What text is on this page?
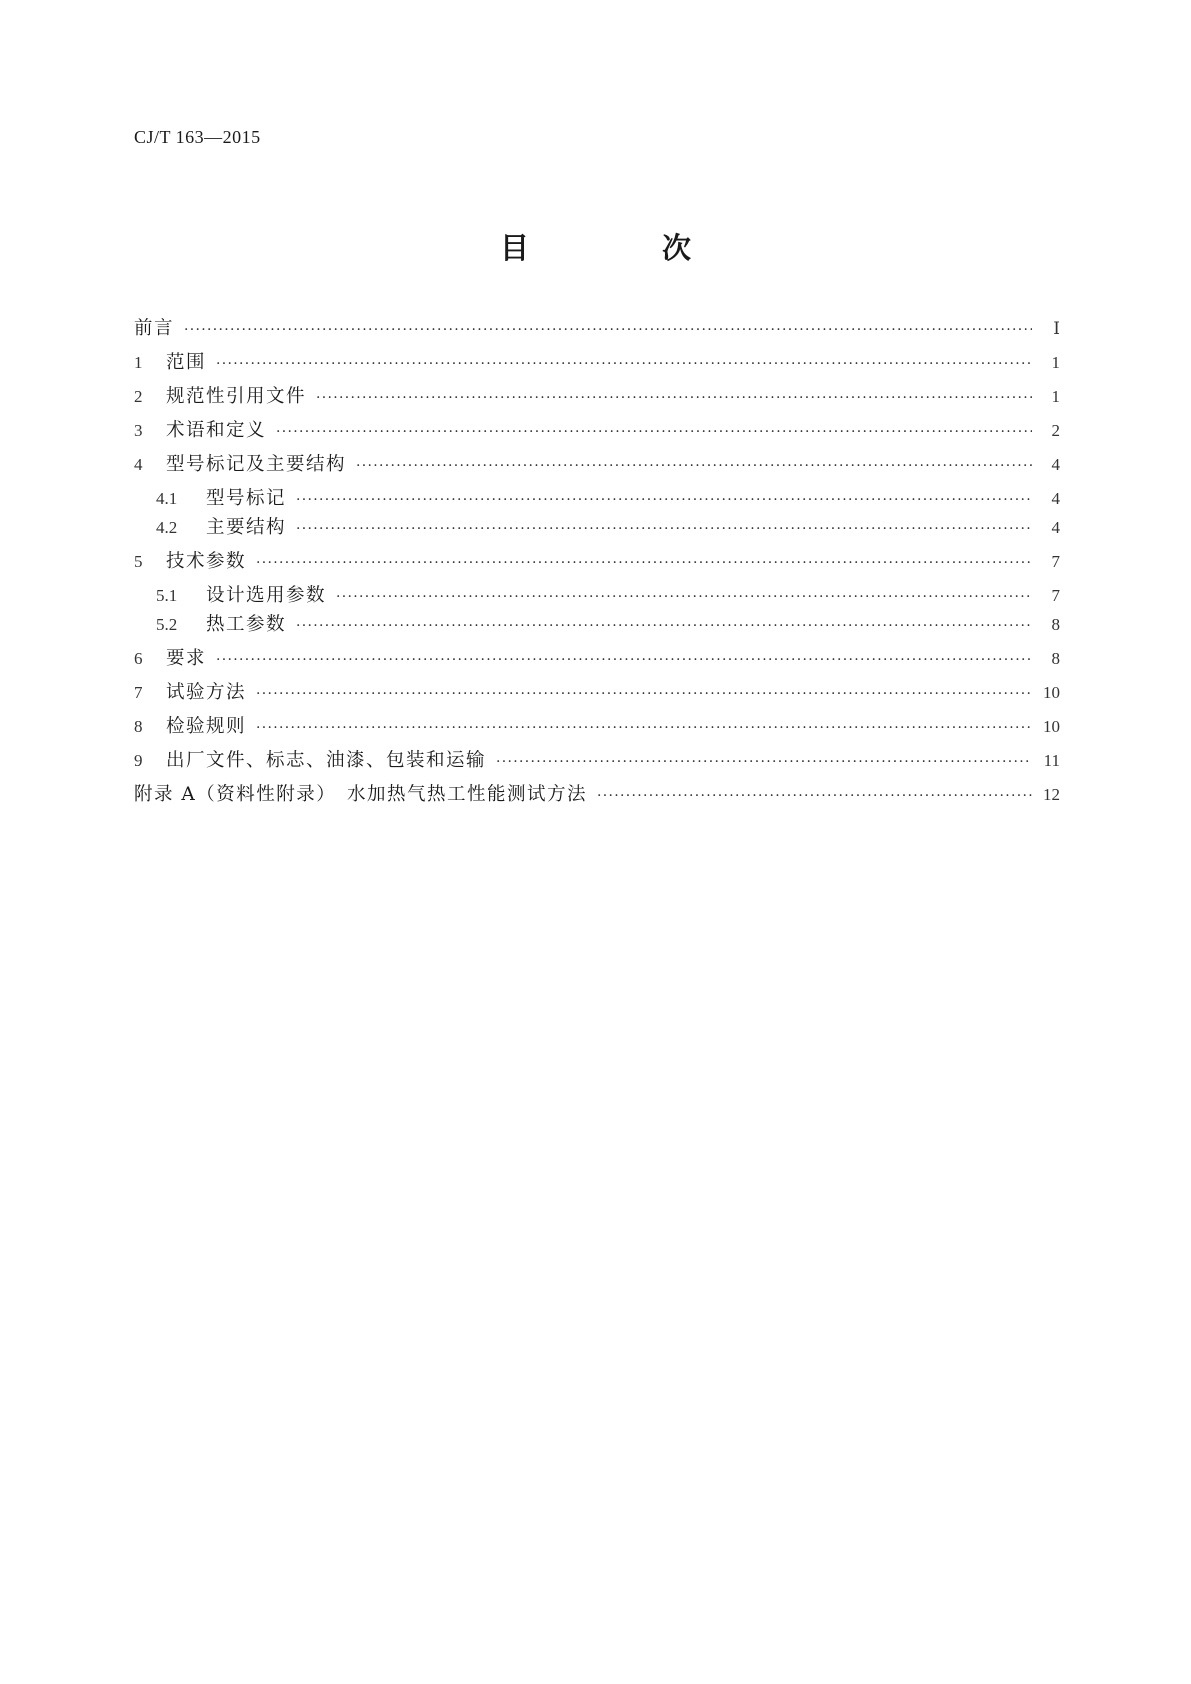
CJ/T 163—2015
目　次
前言 ·····	Ⅰ
1	范围 ·····	1
2	规范性引用文件 ·····	1
3	术语和定义 ·····	2
4	型号标记及主要结构 ·····	4
4.1	型号标记 ·····	4
4.2	主要结构 ·····	4
5	技术参数 ·····	7
5.1	设计选用参数 ·····	7
5.2	热工参数 ·····	8
6	要求 ·····	8
7	试验方法 ·····	10
8	检验规则 ·····	10
9	出厂文件、标志、油漆、包装和运输 ·····	11
附录 A（资料性附录）　水加热气热工性能测试方法 ·····	12
